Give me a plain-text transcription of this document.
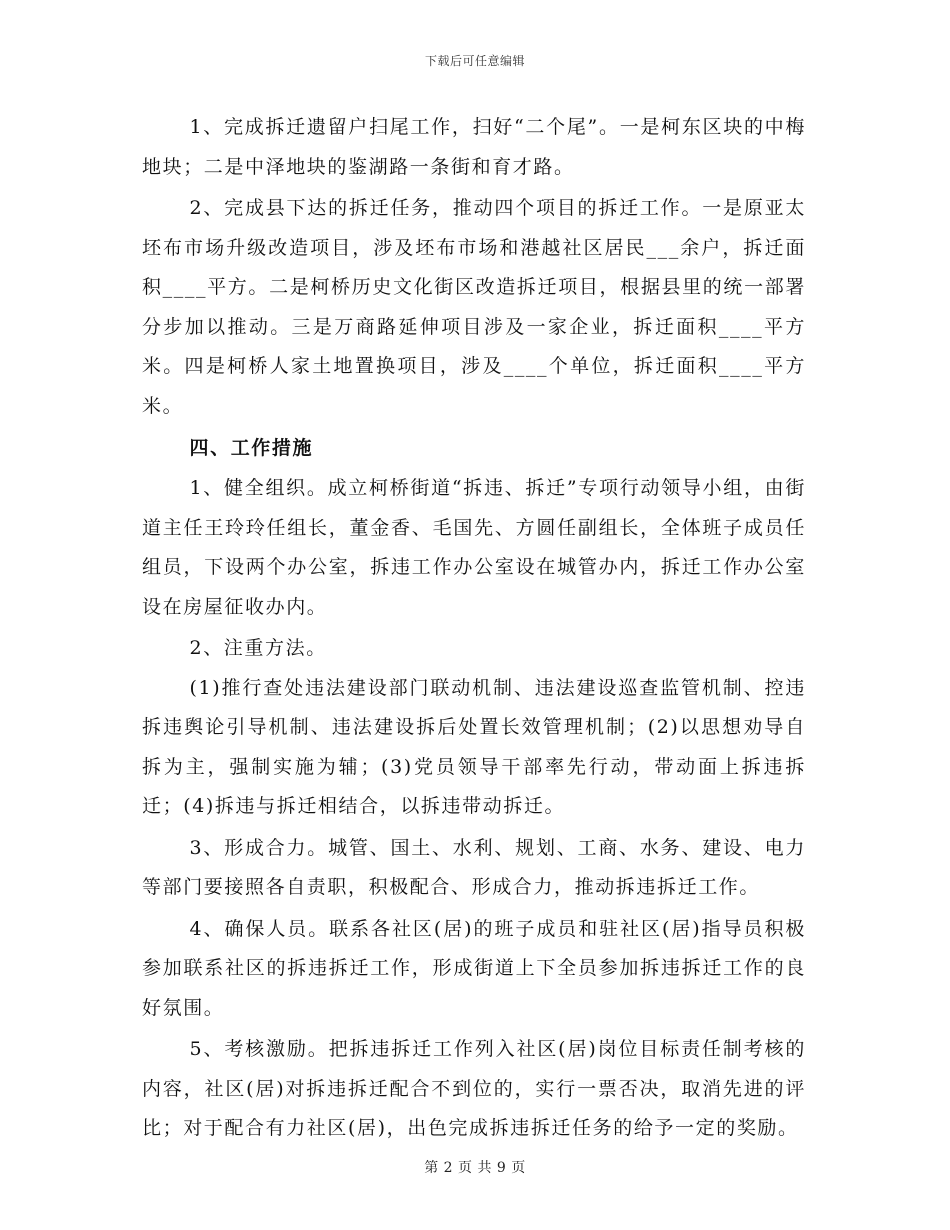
下载后可任意编辑

1、完成拆迁遗留户扫尾工作，扫好“二个尾”。一是柯东区块的中梅地块；二是中泽地块的鉴湖路一条街和育才路。

2、完成县下达的拆迁任务，推动四个项目的拆迁工作。一是原亚太坯布市场升级改造项目，涉及坯布市场和港越社区居民___余户，拆迁面积____平方。二是柯桥历史文化街区改造拆迁项目，根据县里的统一部署分步加以推动。三是万商路延伸项目涉及一家企业，拆迁面积____平方米。四是柯桥人家土地置换项目，涉及____个单位，拆迁面积____平方米。

四、工作措施

1、健全组织。成立柯桥街道“拆违、拆迁”专项行动领导小组，由街道主任王玲玲任组长，董金香、毛国先、方圆任副组长，全体班子成员任组员，下设两个办公室，拆违工作办公室设在城管办内，拆迁工作办公室设在房屋征收办内。

2、注重方法。

(1)推行查处违法建设部门联动机制、违法建设巡查监管机制、控违拆违舆论引导机制、违法建设拆后处置长效管理机制；(2)以思想劝导自拆为主，强制实施为辅；(3)党员领导干部率先行动，带动面上拆违拆迁；(4)拆违与拆迁相结合，以拆违带动拆迁。

3、形成合力。城管、国土、水利、规划、工商、水务、建设、电力等部门要接照各自责职，积极配合、形成合力，推动拆违拆迁工作。

4、确保人员。联系各社区(居)的班子成员和驻社区(居)指导员积极参加联系社区的拆违拆迁工作，形成街道上下全员参加拆违拆迁工作的良好氛围。

5、考核激励。把拆违拆迁工作列入社区(居)岗位目标责任制考核的内容，社区(居)对拆违拆迁配合不到位的，实行一票否决，取消先进的评比；对于配合有力社区(居)，出色完成拆违拆迁任务的给予一定的奖励。

第 2 页 共 9 页
